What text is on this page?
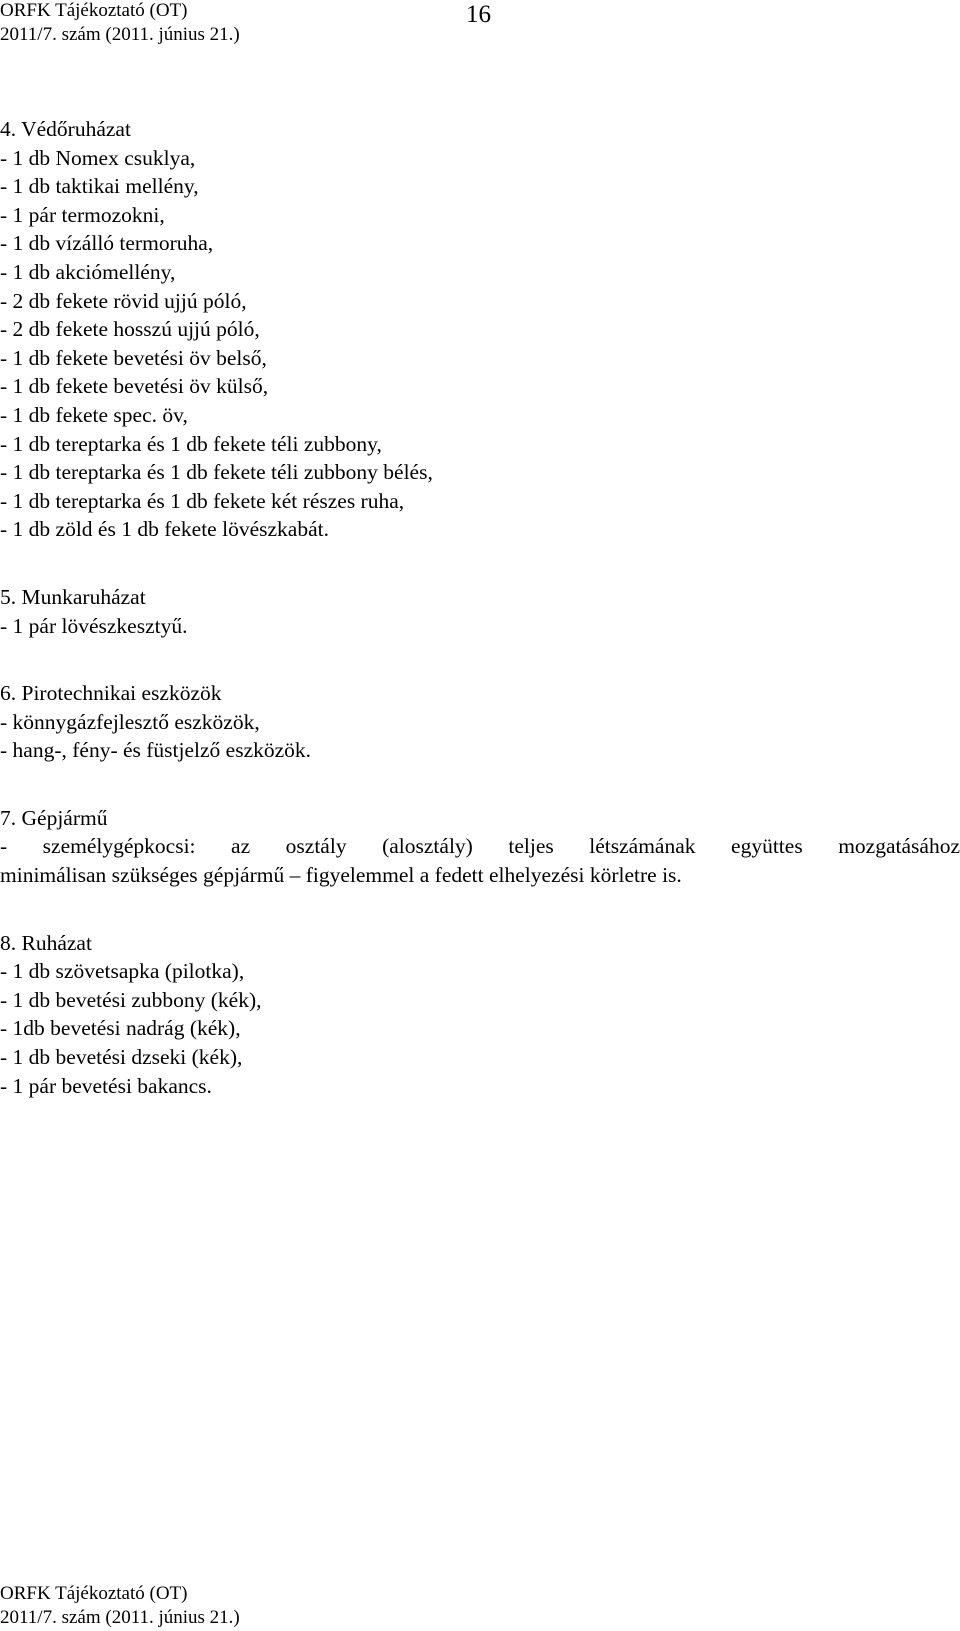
ORFK Tájékoztató (OT)
2011/7. szám (2011. június 21.)
16
4. Védőruházat
- 1 db Nomex csuklya,
- 1 db taktikai mellény,
- 1 pár termozokni,
- 1 db vízálló termoruha,
- 1 db akciómellény,
- 2 db fekete rövid ujjú póló,
- 2 db fekete hosszú ujjú póló,
- 1 db fekete bevetési öv belső,
- 1 db fekete bevetési öv külső,
- 1 db fekete spec. öv,
- 1 db tereptarka és 1 db fekete téli zubbony,
- 1 db tereptarka és 1 db fekete téli zubbony bélés,
- 1 db tereptarka és 1 db fekete két részes ruha,
- 1 db zöld és 1 db fekete lövészkabát.
5. Munkaruházat
- 1 pár lövészkesztyű.
6. Pirotechnikai eszközök
- könnygázfejlesztő eszközök,
- hang-, fény- és füstjelző eszközök.
7. Gépjármű
- személygépkocsi: az osztály (alosztály) teljes létszámának együttes mozgatásához
minimálisan szükséges gépjármű – figyelemmel a fedett elhelyezési körletre is.
8. Ruházat
- 1 db szövetsapka (pilotka),
- 1 db bevetési zubbony (kék),
- 1db bevetési nadrág (kék),
- 1 db bevetési dzseki (kék),
- 1 pár bevetési bakancs.
ORFK Tájékoztató (OT)
2011/7. szám (2011. június 21.)
